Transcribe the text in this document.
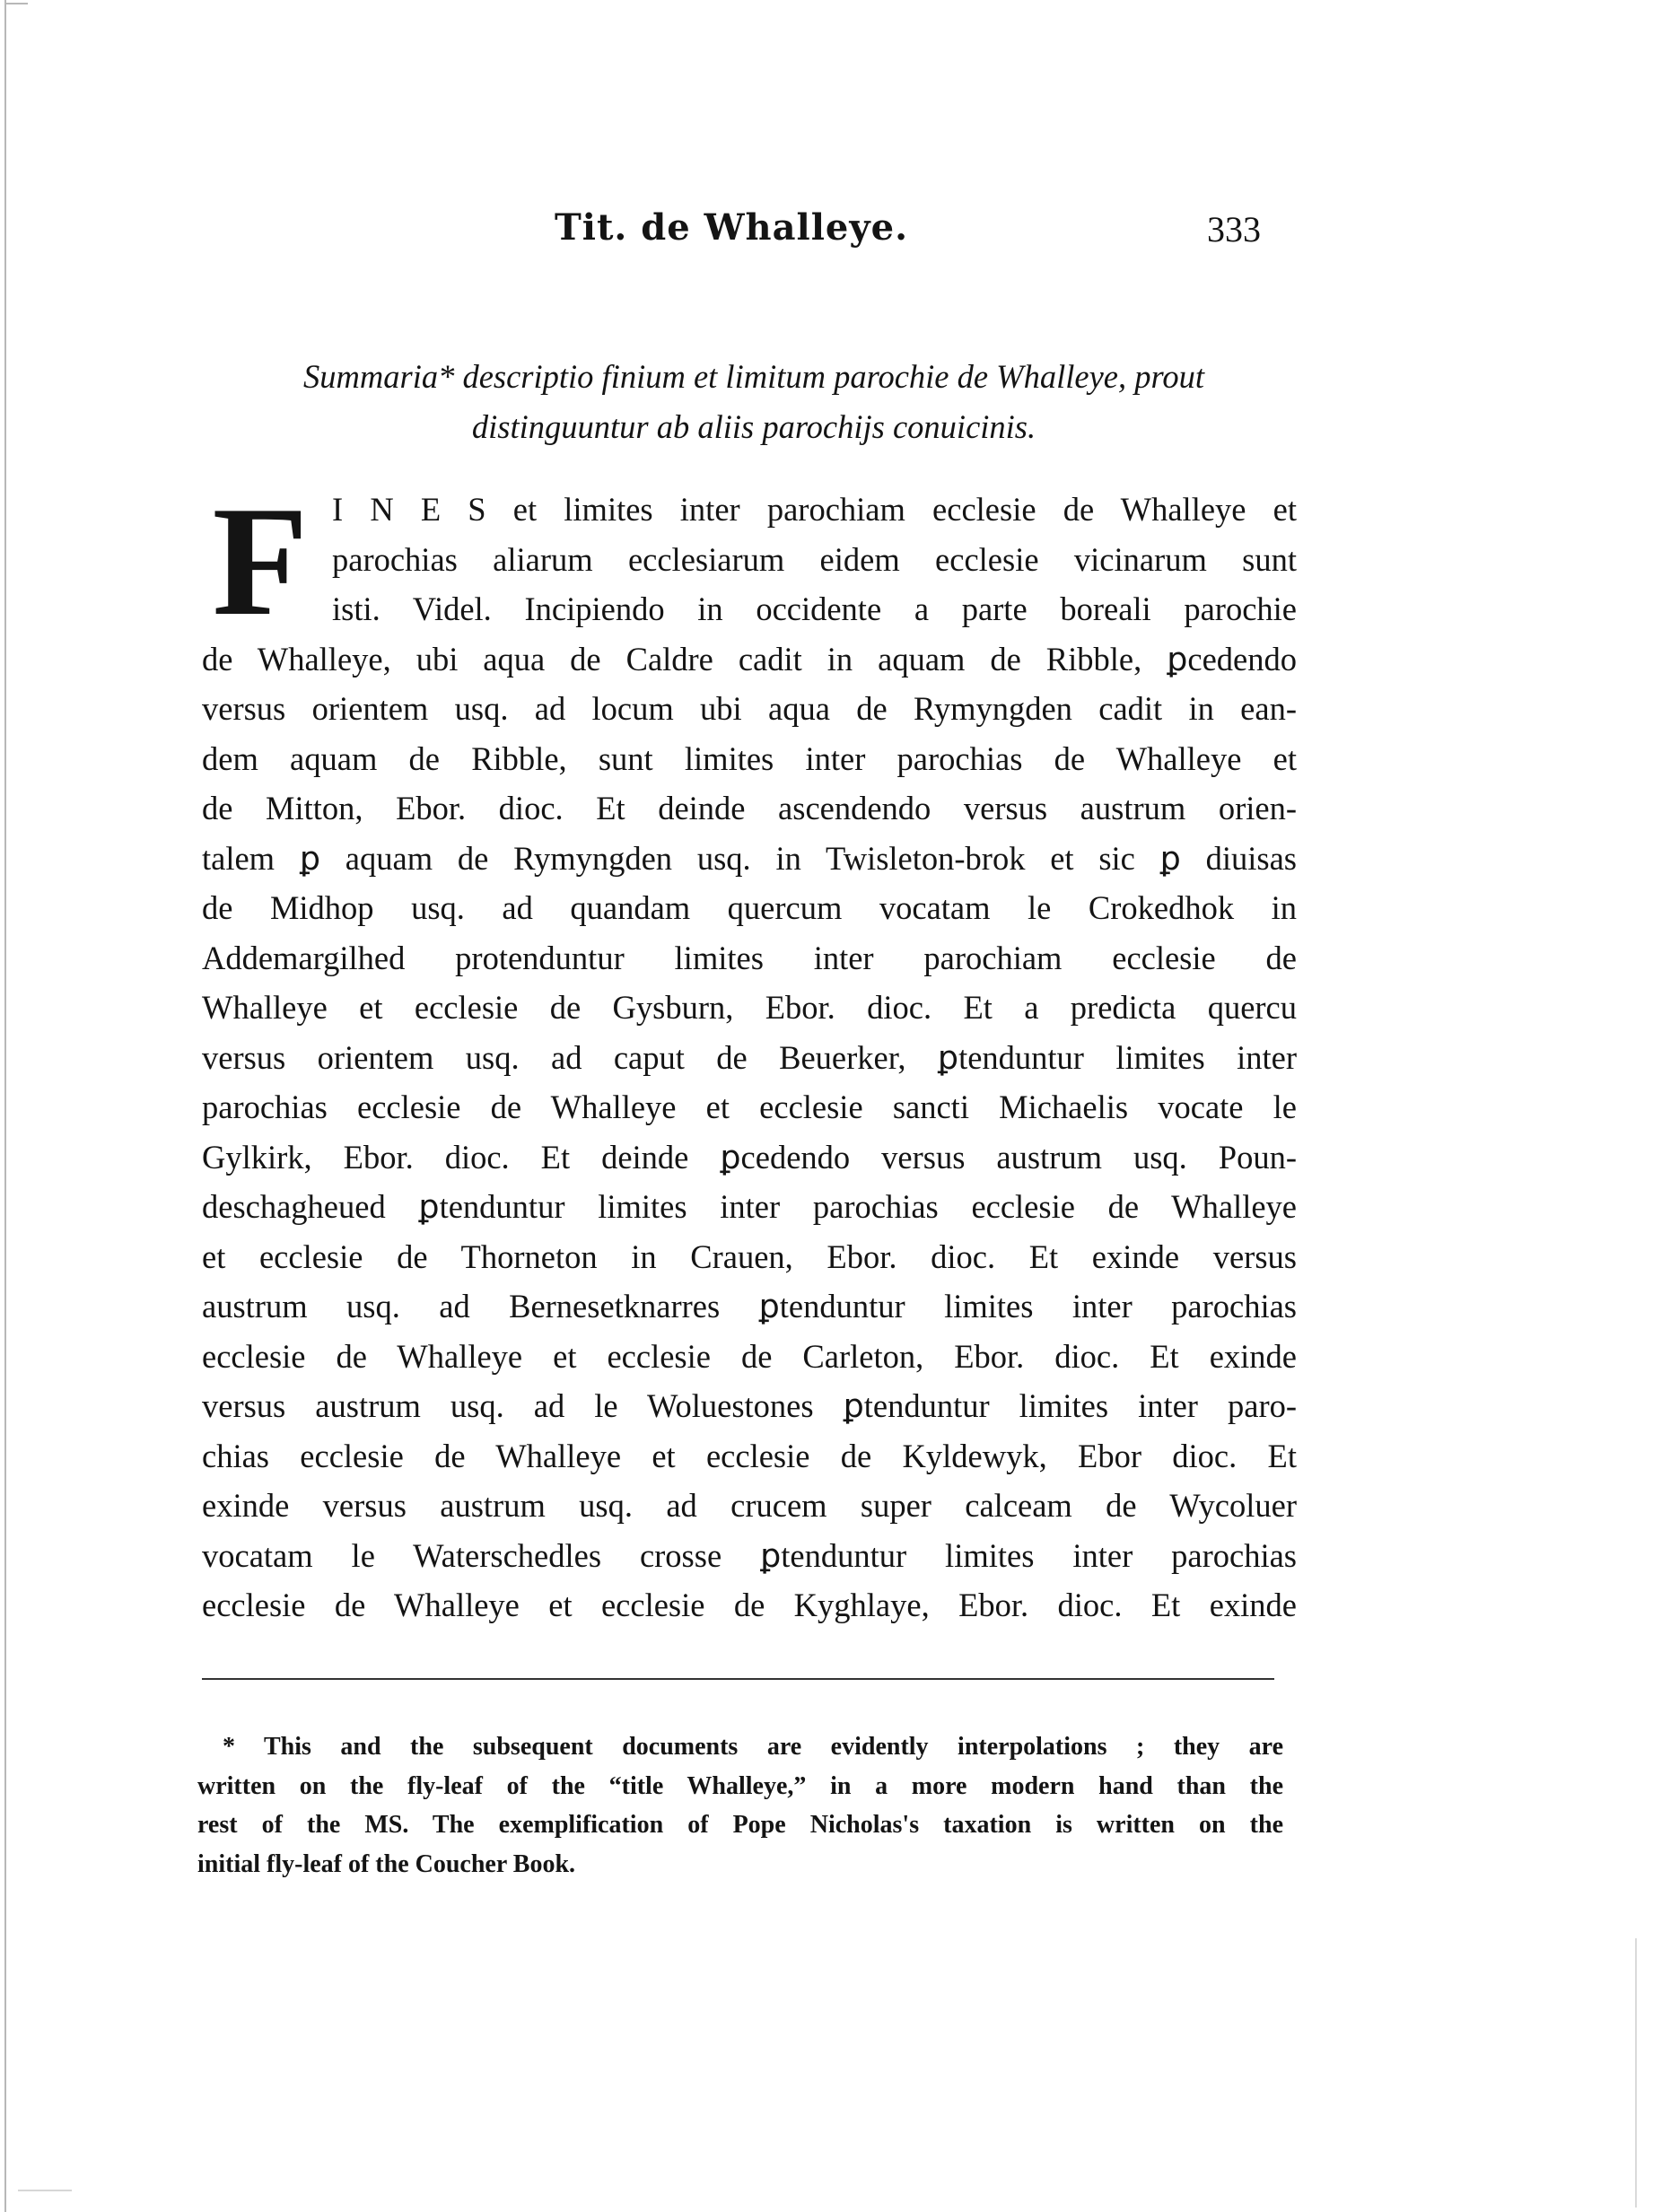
Tit. de Whalleye.	333
Summaria* descriptio finium et limitum parochie de Whalleye, prout
distinguuntur ab aliis parochijs conuicinis.
F I N E S et limites inter parochiam ecclesie de Whalleye et
parochias aliarum ecclesiarum eidem ecclesie vicinarum sunt
isti. Videl. Incipiendo in occidente a parte boreali parochie
de Whalleye, ubi aqua de Caldre cadit in aquam de Ribble, ꝑcedendo
versus orientem usq. ad locum ubi aqua de Rymyngden cadit in ean-
dem aquam de Ribble, sunt limites inter parochias de Whalleye et
de Mitton, Ebor. dioc. Et deinde ascendendo versus austrum orien-
talem ꝑ aquam de Rymyngden usq. in Twisleton-brok et sic ꝑ diuisas
de Midhop usq. ad quandam quercum vocatam le Crokedhok in
Addemargilhed protenduntur limites inter parochiam ecclesie de
Whalleye et ecclesie de Gysburn, Ebor. dioc. Et a predicta quercu
versus orientem usq. ad caput de Beuerker, ꝑtenduntur limites inter
parochias ecclesie de Whalleye et ecclesie sancti Michaelis vocate le
Gylkirk, Ebor. dioc. Et deinde ꝑcedendo versus austrum usq. Poun-
deschagheued ꝑtenduntur limites inter parochias ecclesie de Whalleye
et ecclesie de Thorneton in Crauen, Ebor. dioc. Et exinde versus
austrum usq. ad Bernesetknarres ꝑtenduntur limites inter parochias
ecclesie de Whalleye et ecclesie de Carleton, Ebor. dioc. Et exinde
versus austrum usq. ad le Woluestones ꝑtenduntur limites inter paro-
chias ecclesie de Whalleye et ecclesie de Kyldewyk, Ebor dioc. Et
exinde versus austrum usq. ad crucem super calceam de Wycoluer
vocatam le Waterschedles crosse ꝑtenduntur limites inter parochias
ecclesie de Whalleye et ecclesie de Kyghlaye, Ebor. dioc. Et exinde
* This and the subsequent documents are evidently interpolations ; they are
written on the fly-leaf of the “title Whalleye,” in a more modern hand than the
rest of the MS. The exemplification of Pope Nicholas's taxation is written on the
initial fly-leaf of the Coucher Book.
